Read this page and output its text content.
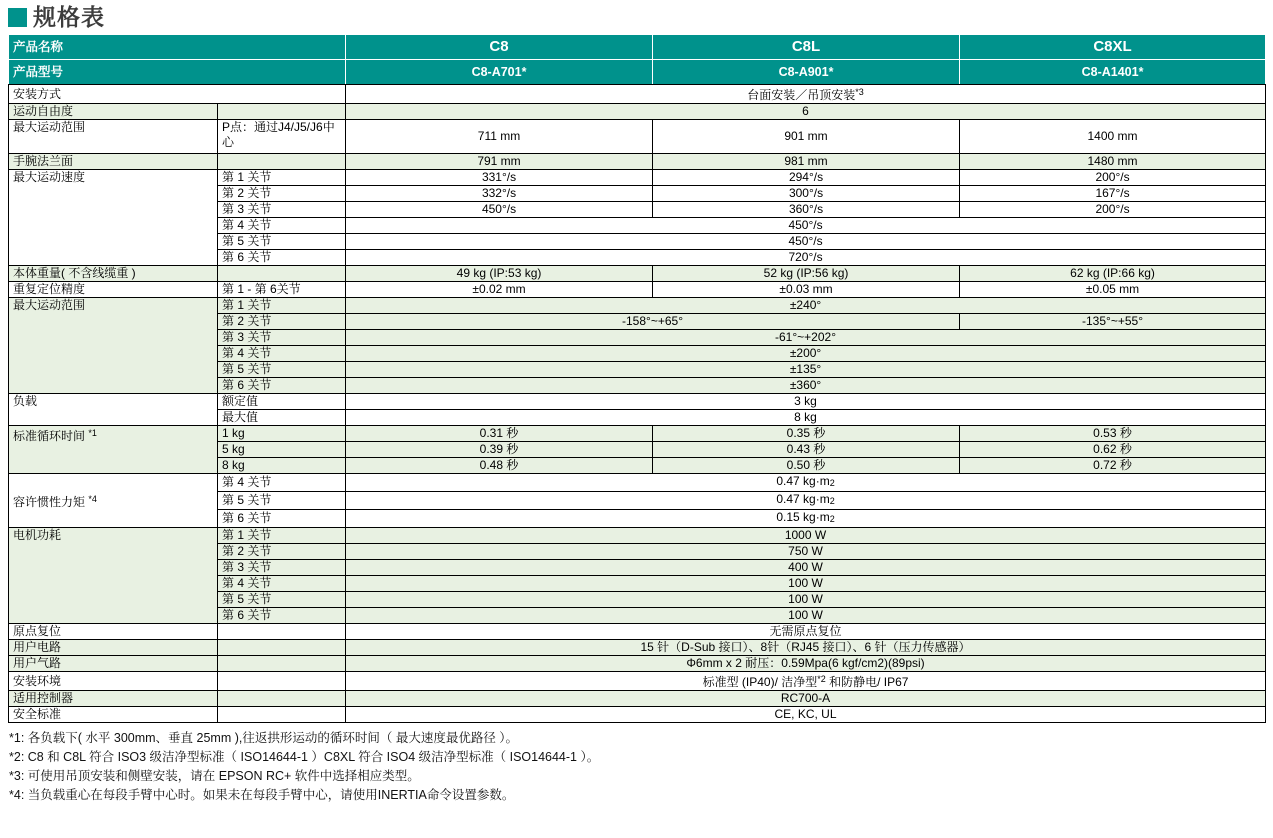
规格表
产品名称		C8	C8L	C8XL
产品型号		C8-A701*	C8-A901*	C8-A1401*
安装方式		台面安装／吊顶安装$^{*3}$
运动自由度		6		
最大运动范围	P点：通过J4/J5/J6中心	711 mm	901 mm	1400 mm
手腕法兰面		791 mm	981 mm	1480 mm
最大运动速度	第 1 关节	331°/s	294°/s	200°/s
	第 2 关节	332°/s	300°/s	167°/s
	第 3 关节	450°/s	360°/s	200°/s
	第 4 关节	450°/s		
	第 5 关节	450°/s		
	第 6 关节	720°/s		
本体重量( 不含线缆重 )		49 kg (IP:53 kg)	52 kg (IP:56 kg)	62 kg (IP:66 kg)
重复定位精度	第 1 - 第 6关节	±0.02 mm	±0.03 mm	±0.05 mm
最大运动范围	第 1 关节	±240°		
	第 2 关节	-158°~+65°		-135°~+55°
	第 3 关节	-61°~+202°		
	第 4 关节	±200°		
	第 5 关节	±135°		
	第 6 关节	±360°		
负载	额定值	3 kg		
	最大值	8 kg		
标准循环时间 $^{*1}$	1 kg	0.31 秒	0.35 秒	0.53 秒
	5 kg	0.39 秒	0.43 秒	0.62 秒
	8 kg	0.48 秒	0.50 秒	0.72 秒
容许惯性力矩 $^{*4}$	第 4 关节	0.47 kg·m2		
	第 5 关节	0.47 kg·m2		
	第 6 关节	0.15 kg·m2		
电机功耗	第 1 关节	1000 W		
	第 2 关节	750 W		
	第 3 关节	400 W		
	第 4 关节	100 W		
	第 5 关节	100 W		
	第 6 关节	100 W		
原点复位		无需原点复位		
用户电路		15 针（D-Sub 接口）、8针（RJ45 接口）、6 针（压力传感器）		
用户气路		Φ6mm x 2 耐压：0.59Mpa(6 kgf/cm2)(89psi)		
安装环境		标准型 (IP40)/ 洁净型$^{*2}$ 和防静电/ IP67		
适用控制器		RC700-A		
安全标准		CE, KC, UL		
*1: 各负载下( 水平 300mm、垂直 25mm ),往返拱形运动的循环时间（ 最大速度最优路径 ）。
*2: C8 和 C8L 符合 ISO3 级洁净型标准（ ISO14644-1 ）C8XL 符合 ISO4 级洁净型标准（ ISO14644-1 ）。
*3: 可使用吊顶安装和侧壁安装，请在 EPSON RC+ 软件中选择相应类型。
*4: 当负载重心在每段手臂中心时。如果未在每段手臂中心，请使用INERTIA命令设置参数。
